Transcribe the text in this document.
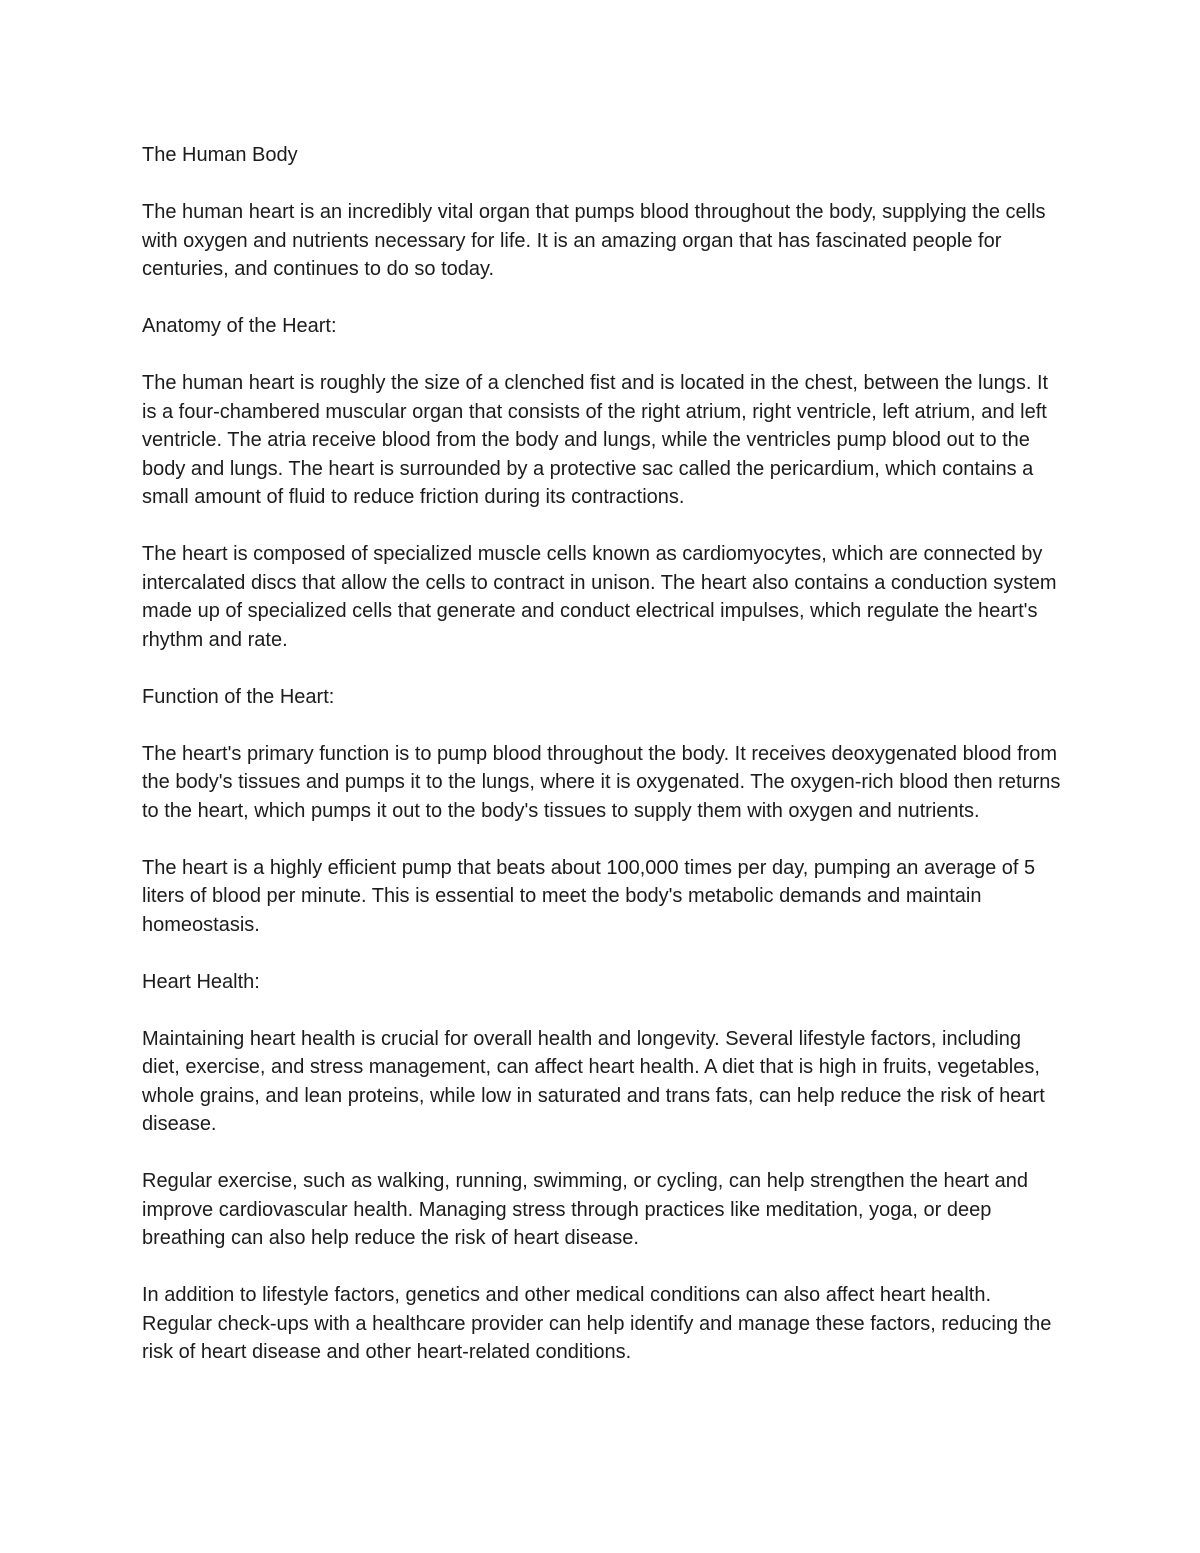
The Human Body

The human heart is an incredibly vital organ that pumps blood throughout the body, supplying the cells with oxygen and nutrients necessary for life. It is an amazing organ that has fascinated people for centuries, and continues to do so today.

Anatomy of the Heart:

The human heart is roughly the size of a clenched fist and is located in the chest, between the lungs. It is a four-chambered muscular organ that consists of the right atrium, right ventricle, left atrium, and left ventricle. The atria receive blood from the body and lungs, while the ventricles pump blood out to the body and lungs. The heart is surrounded by a protective sac called the pericardium, which contains a small amount of fluid to reduce friction during its contractions.

The heart is composed of specialized muscle cells known as cardiomyocytes, which are connected by intercalated discs that allow the cells to contract in unison. The heart also contains a conduction system made up of specialized cells that generate and conduct electrical impulses, which regulate the heart's rhythm and rate.

Function of the Heart:

The heart's primary function is to pump blood throughout the body. It receives deoxygenated blood from the body's tissues and pumps it to the lungs, where it is oxygenated. The oxygen-rich blood then returns to the heart, which pumps it out to the body's tissues to supply them with oxygen and nutrients.

The heart is a highly efficient pump that beats about 100,000 times per day, pumping an average of 5 liters of blood per minute. This is essential to meet the body's metabolic demands and maintain homeostasis.

Heart Health:

Maintaining heart health is crucial for overall health and longevity. Several lifestyle factors, including diet, exercise, and stress management, can affect heart health. A diet that is high in fruits, vegetables, whole grains, and lean proteins, while low in saturated and trans fats, can help reduce the risk of heart disease.

Regular exercise, such as walking, running, swimming, or cycling, can help strengthen the heart and improve cardiovascular health. Managing stress through practices like meditation, yoga, or deep breathing can also help reduce the risk of heart disease.

In addition to lifestyle factors, genetics and other medical conditions can also affect heart health. Regular check-ups with a healthcare provider can help identify and manage these factors, reducing the risk of heart disease and other heart-related conditions.
